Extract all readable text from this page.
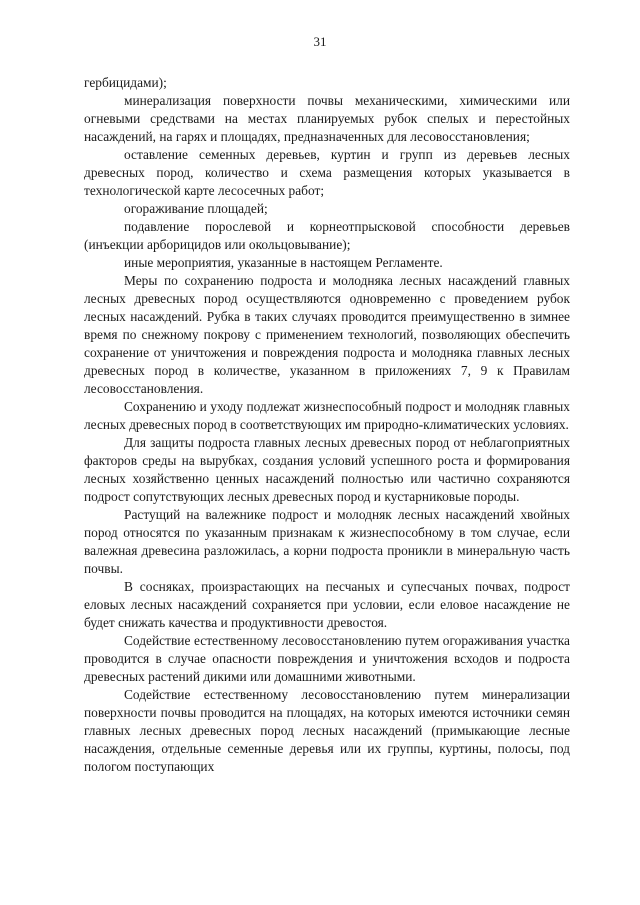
31

гербицидами);

минерализация поверхности почвы механическими, химическими или огневыми средствами на местах планируемых рубок спелых и перестойных насаждений, на гарях и площадях, предназначенных для лесовосстановления;

оставление семенных деревьев, куртин и групп из деревьев лесных древесных пород, количество и схема размещения которых указывается в технологической карте лесосечных работ;

огораживание площадей;

подавление порослевой и корнеотпрысковой способности деревьев (инъекции арборицидов или окольцовывание);

иные мероприятия, указанные в настоящем Регламенте.

Меры по сохранению подроста и молодняка лесных насаждений главных лесных древесных пород осуществляются одновременно с проведением рубок лесных насаждений. Рубка в таких случаях проводится преимущественно в зимнее время по снежному покрову с применением технологий, позволяющих обеспечить сохранение от уничтожения и повреждения подроста и молодняка главных лесных древесных пород в количестве, указанном в приложениях 7, 9 к Правилам лесовосстановления.

Сохранению и уходу подлежат жизнеспособный подрост и молодняк главных лесных древесных пород в соответствующих им природно-климатических условиях.

Для защиты подроста главных лесных древесных пород от неблагоприятных факторов среды на вырубках, создания условий успешного роста и формирования лесных хозяйственно ценных насаждений полностью или частично сохраняются подрост сопутствующих лесных древесных пород и кустарниковые породы.

Растущий на валежнике подрост и молодняк лесных насаждений хвойных пород относятся по указанным признакам к жизнеспособному в том случае, если валежная древесина разложилась, а корни подроста проникли в минеральную часть почвы.

В сосняках, произрастающих на песчаных и супесчаных почвах, подрост еловых лесных насаждений сохраняется при условии, если еловое насаждение не будет снижать качества и продуктивности древостоя.

Содействие естественному лесовосстановлению путем огораживания участка проводится в случае опасности повреждения и уничтожения всходов и подроста древесных растений дикими или домашними животными.

Содействие естественному лесовосстановлению путем минерализации поверхности почвы проводится на площадях, на которых имеются источники семян главных лесных древесных пород лесных насаждений (примыкающие лесные насаждения, отдельные семенные деревья или их группы, куртины, полосы, под пологом поступающих
